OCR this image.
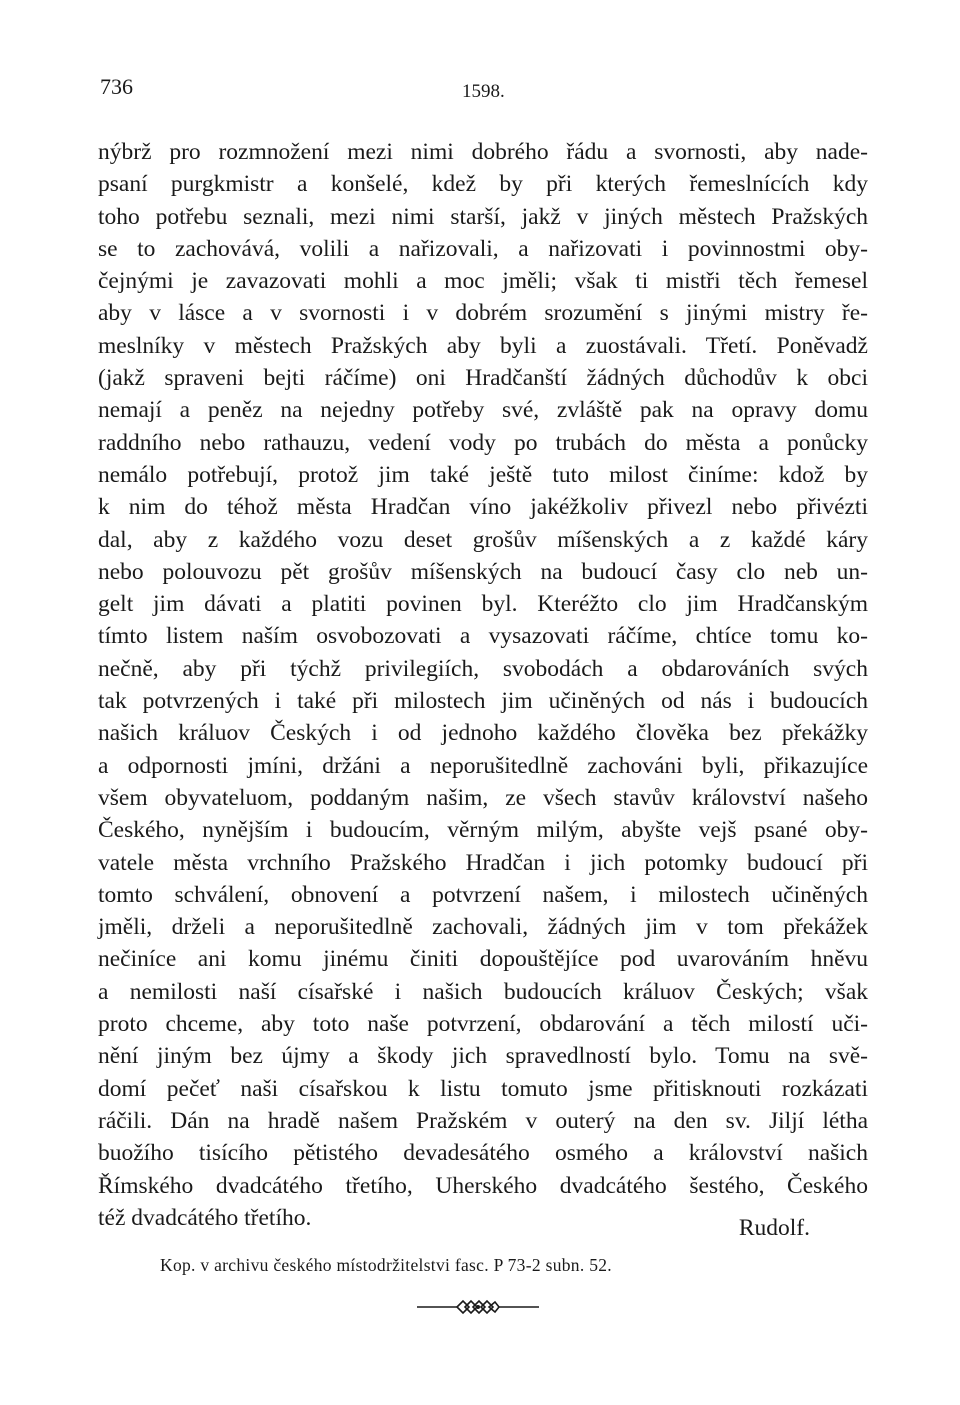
736	1598.
nýbrž pro rozmnožení mezi nimi dobrého řádu a svornosti, aby nade-
psaní purgkmistr a konšelé, kdež by při kterých řemeslnících kdy
toho potřebu seznali, mezi nimi starší, jakž v jiných městech Pražských
se to zachovává, volili a nařizovali, a nařizovati i povinnostmi oby-
čejnými je zavazovati mohli a moc jměli; však ti mistři těch řemesel
aby v lásce a v svornosti i v dobrém srozumění s jinými mistry ře-
meslníky v městech Pražských aby byli a zuostávali. Třetí. Poněvadž
(jakž spraveni bejti ráčíme) oni Hradčanští žádných důchodův k obci
nemají a peněz na nejedny potřeby své, zvláště pak na opravy domu
raddního nebo rathauzu, vedení vody po trubách do města a ponůcky
nemálo potřebují, protož jim také ještě tuto milost činíme: kdož by
k nim do téhož města Hradčan víno jakéžkoliv přivezl nebo přivézti
dal, aby z každého vozu deset grošův míšenských a z každé káry
nebo polouvozu pět grošův míšenských na budoucí časy clo neb un-
gelt jim dávati a platiti povinen byl. Kteréžto clo jim Hradčanským
tímto listem naším osvobozovati a vysazovati ráčíme, chtíce tomu ko-
nečně, aby při týchž privilegiích, svobodách a obdarováních svých
tak potvrzených i také při milostech jim učiněných od nás i budoucích
našich králuov Českých i od jednoho každého člověka bez překážky
a odpornosti jmíni, držáni a neporušitedlně zachováni byli, přikazujíce
všem obyvateluom, poddaným našim, ze všech stavův království našeho
Českého, nynějším i budoucím, věrným milým, abyšte vejš psané oby-
vatele města vrchního Pražského Hradčan i jich potomky budoucí při
tomto schválení, obnovení a potvrzení našem, i milostech učiněných
jměli, drželi a neporušitedlně zachovali, žádných jim v tom překážek
nečiníce ani komu jinému činiti dopouštějíce pod uvarováním hněvu
a nemilosti naší císařské i našich budoucích králuov Českých; však
proto chceme, aby toto naše potvrzení, obdarování a těch milostí uči-
nění jiným bez újmy a škody jich spravedlností bylo. Tomu na svě-
domí pečeť naši císařskou k listu tomuto jsme přitisknouti rozkázati
ráčili. Dán na hradě našem Pražském v outerý na den sv. Jiljí létha
buožího tisícího pětistého devadesátého osmého a království našich
Římského dvadcátého třetího, Uherského dvadcátého šestého, Českého
též dvadcátého třetího.	Rudolf.
Kop. v archivu českého místodržitelstvi fasc. P 73-2 subn. 52.
